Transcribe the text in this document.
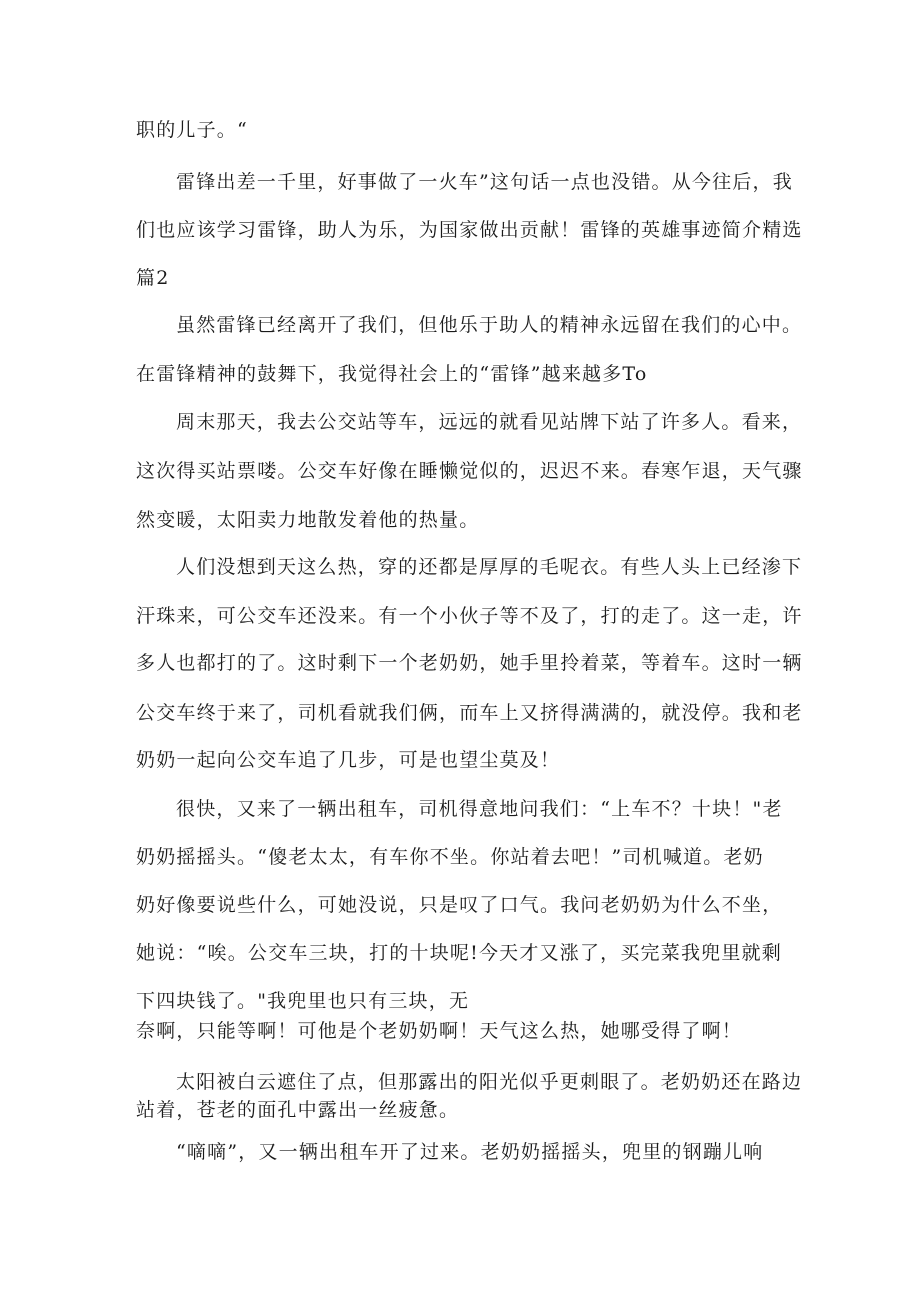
职的儿子。“
雷锋出差一千里，好事做了一火车”这句话一点也没错。从今往后，我
们也应该学习雷锋，助人为乐，为国家做出贡献！雷锋的英雄事迹简介精选
篇2
虽然雷锋已经离开了我们，但他乐于助人的精神永远留在我们的心中。
在雷锋精神的鼓舞下，我觉得社会上的“雷锋”越来越多To
周末那天，我去公交站等车，远远的就看见站牌下站了许多人。看来，
这次得买站票喽。公交车好像在睡懒觉似的，迟迟不来。春寒乍退，天气骤
然变暖，太阳卖力地散发着他的热量。
人们没想到天这么热，穿的还都是厚厚的毛呢衣。有些人头上已经渗下
汗珠来，可公交车还没来。有一个小伙子等不及了，打的走了。这一走，许
多人也都打的了。这时剩下一个老奶奶，她手里拎着菜，等着车。这时一辆
公交车终于来了，司机看就我们俩，而车上又挤得满满的，就没停。我和老
奶奶一起向公交车追了几步，可是也望尘莫及！
很快，又来了一辆出租车，司机得意地问我们：“上车不？十块！"老
奶奶摇摇头。“傻老太太，有车你不坐。你站着去吧！”司机喊道。老奶
奶好像要说些什么，可她没说，只是叹了口气。我问老奶奶为什么不坐，
她说：“唉。公交车三块，打的十块呢!今天才又涨了，买完菜我兜里就剩
下四块钱了。"我兜里也只有三块，无
奈啊，只能等啊！可他是个老奶奶啊！天气这么热，她哪受得了啊！
太阳被白云遮住了点，但那露出的阳光似乎更刺眼了。老奶奶还在路边
站着，苍老的面孔中露出一丝疲惫。
“嘀嘀”，又一辆出租车开了过来。老奶奶摇摇头，兜里的钢蹦儿响
